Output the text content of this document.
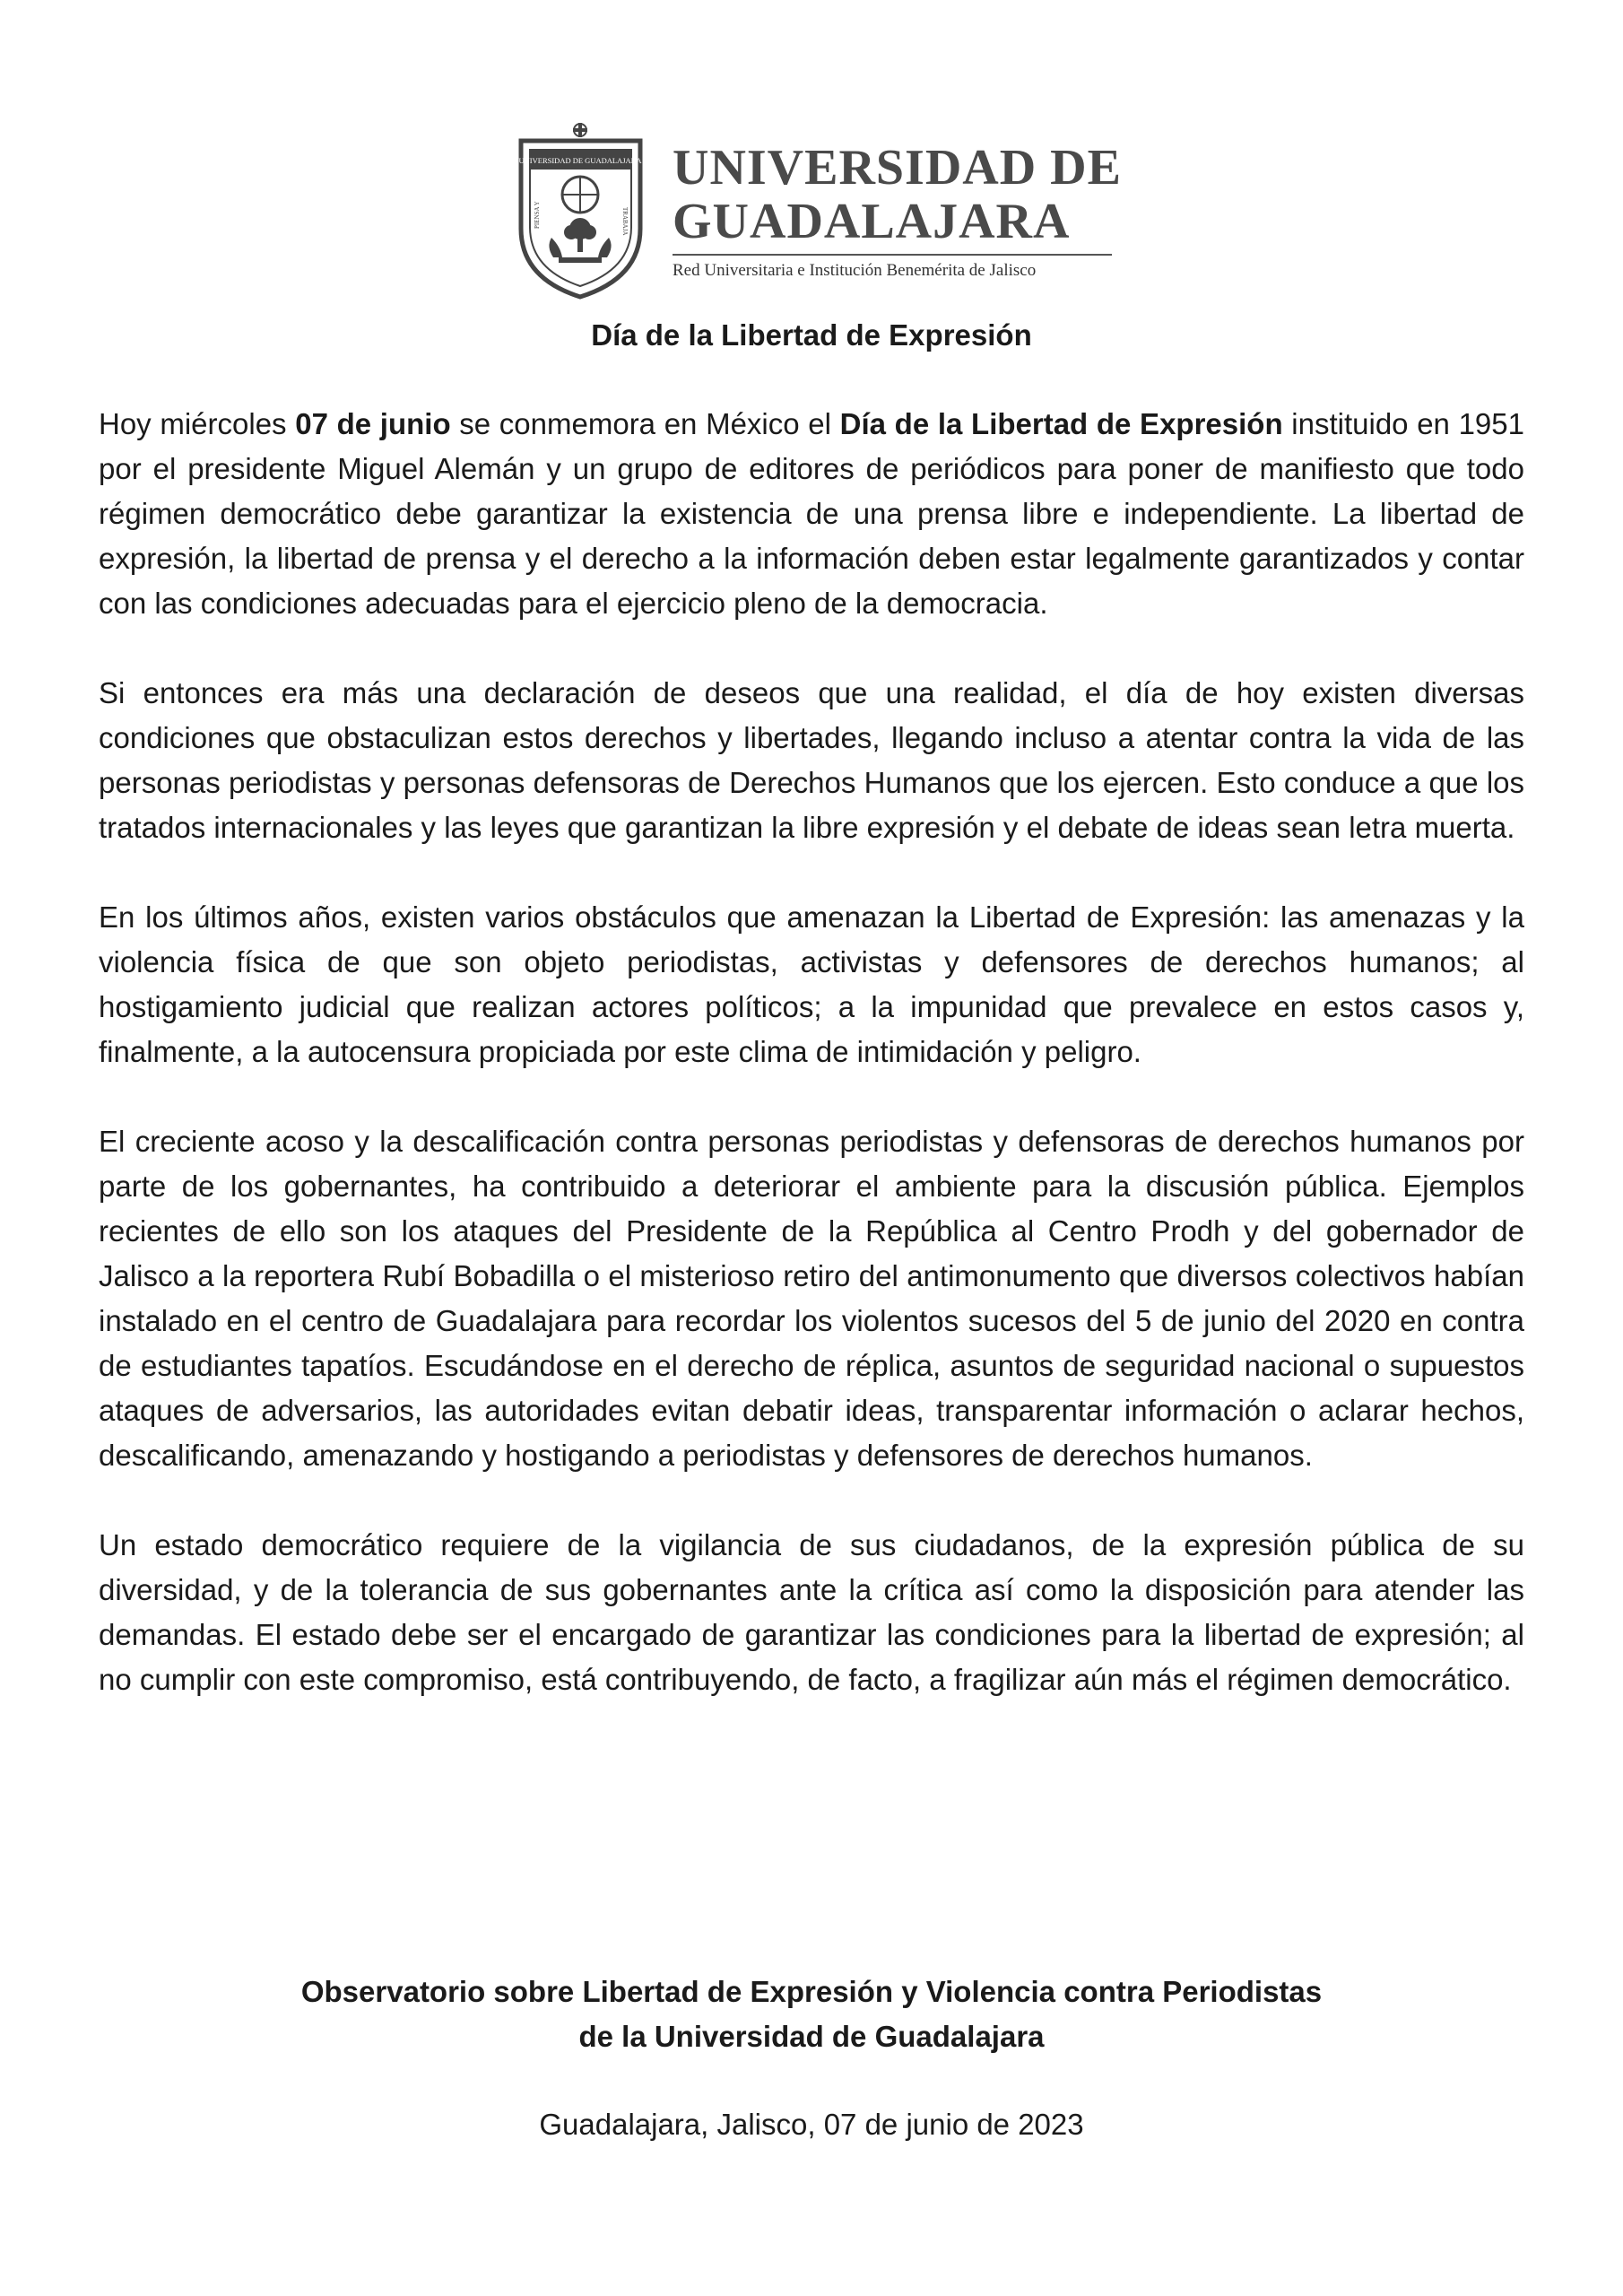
UNIVERSIDAD DE GUADALAJARA
PIENSA Y	TRABAJA
UNIVERSIDAD DE
GUADALAJARA
Red Universitaria e Institución Benemérita de Jalisco
Día de la Libertad de Expresión

Hoy miércoles 07 de junio se conmemora en México el Día de la Libertad de Expresión instituido en 1951 por el presidente Miguel Alemán y un grupo de editores de periódicos para poner de manifiesto que todo régimen democrático debe garantizar la existencia de una prensa libre e independiente. La libertad de expresión, la libertad de prensa y el derecho a la información deben estar legalmente garantizados y contar con las condiciones adecuadas para el ejercicio pleno de la democracia.

Si entonces era más una declaración de deseos que una realidad, el día de hoy existen diversas condiciones que obstaculizan estos derechos y libertades, llegando incluso a atentar contra la vida de las personas periodistas y personas defensoras de Derechos Humanos que los ejercen. Esto conduce a que los tratados internacionales y las leyes que garantizan la libre expresión y el debate de ideas sean letra muerta.

En los últimos años, existen varios obstáculos que amenazan la Libertad de Expresión: las amenazas y la violencia física de que son objeto periodistas, activistas y defensores de derechos humanos; al hostigamiento judicial que realizan actores políticos; a la impunidad que prevalece en estos casos y, finalmente, a la autocensura propiciada por este clima de intimidación y peligro.

El creciente acoso y la descalificación contra personas periodistas y defensoras de derechos humanos por parte de los gobernantes, ha contribuido a deteriorar el ambiente para la discusión pública. Ejemplos recientes de ello son los ataques del Presidente de la República al Centro Prodh y del gobernador de Jalisco a la reportera Rubí Bobadilla o el misterioso retiro del antimonumento que diversos colectivos habían instalado en el centro de Guadalajara para recordar los violentos sucesos del 5 de junio del 2020 en contra de estudiantes tapatíos. Escudándose en el derecho de réplica, asuntos de seguridad nacional o supuestos ataques de adversarios, las autoridades evitan debatir ideas, transparentar información o aclarar hechos, descalificando, amenazando y hostigando a periodistas y defensores de derechos humanos.

Un estado democrático requiere de la vigilancia de sus ciudadanos, de la expresión pública de su diversidad, y de la tolerancia de sus gobernantes ante la crítica así como la disposición para atender las demandas. El estado debe ser el encargado de garantizar las condiciones para la libertad de expresión; al no cumplir con este compromiso, está contribuyendo, de facto, a fragilizar aún más el régimen democrático.

Observatorio sobre Libertad de Expresión y Violencia contra Periodistas
de la Universidad de Guadalajara
Guadalajara, Jalisco, 07 de junio de 2023
